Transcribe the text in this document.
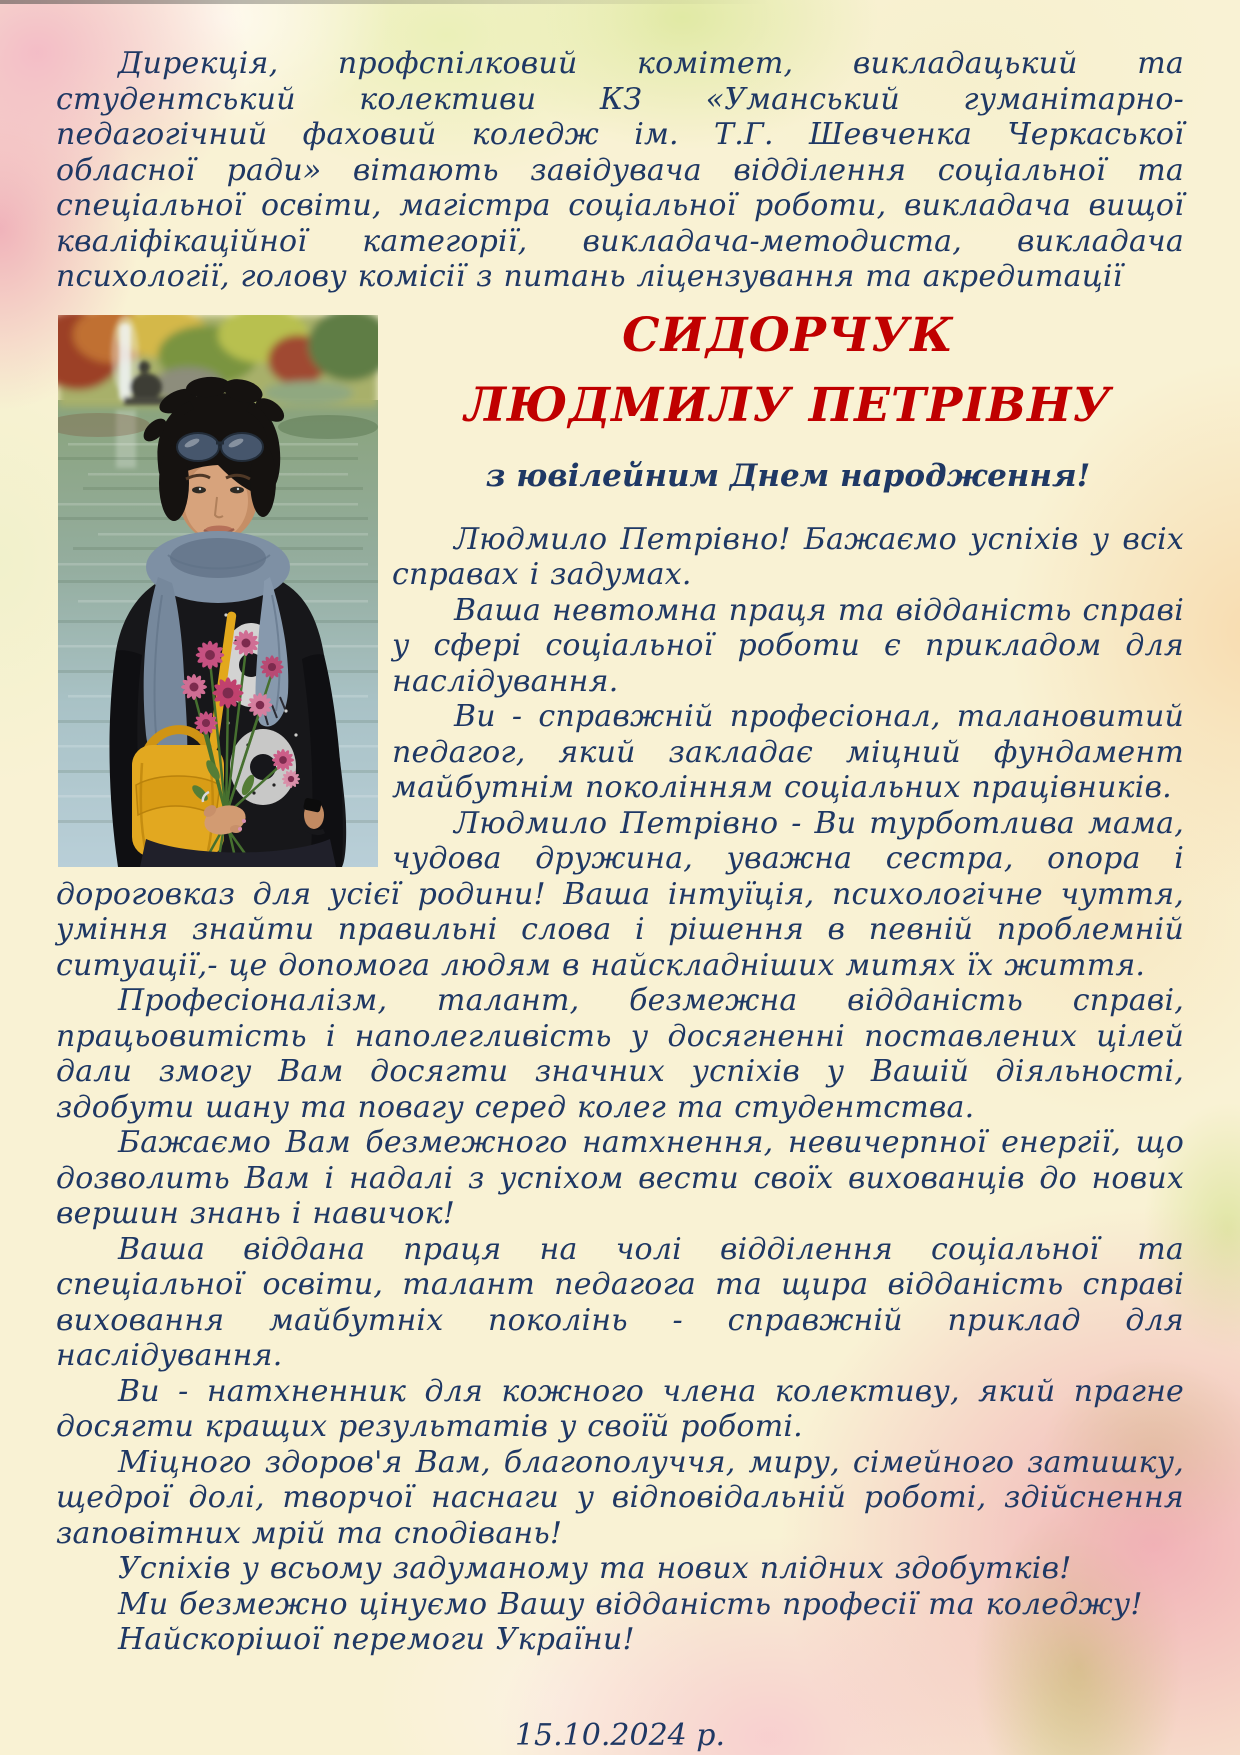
Дирекція, профспілковий комітет, викладацький та студентський колективи КЗ «Уманський гуманітарно-педагогічний фаховий коледж ім. Т.Г. Шевченка Черкаської обласної ради» вітають завідувача відділення соціальної та спеціальної освіти, магістра соціальної роботи, викладача вищої кваліфікаційної категорії, викладача-методиста, викладача психології, голову комісії з питань ліцензування та акредитації

СИДОРЧУК
ЛЮДМИЛУ ПЕТРІВНУ

з ювілейним Днем народження!

Людмило Петрівно! Бажаємо успіхів у всіх справах і задумах.

Ваша невтомна праця та відданість справі у сфері соціальної роботи є прикладом для наслідування.

Ви - справжній професіонал, талановитий педагог, який закладає міцний фундамент майбутнім поколінням соціальних працівників.

Людмило Петрівно - Ви турботлива мама, чудова дружина, уважна сестра, опора і дороговказ для усієї родини! Ваша інтуїція, психологічне чуття, уміння знайти правильні слова і рішення в певній проблемній ситуації,- це допомога людям в найскладніших митях їх життя.

Професіоналізм, талант, безмежна відданість справі, працьовитість і наполегливість у досягненні поставлених цілей дали змогу Вам досягти значних успіхів у Вашій діяльності, здобути шану та повагу серед колег та студентства.

Бажаємо Вам безмежного натхнення, невичерпної енергії, що дозволить Вам і надалі з успіхом вести своїх вихованців до нових вершин знань і навичок!

Ваша віддана праця на чолі відділення соціальної та спеціальної освіти, талант педагога та щира відданість справі виховання майбутніх поколінь - справжній приклад для наслідування.

Ви - натхненник для кожного члена колективу, який прагне досягти кращих результатів у своїй роботі.

Міцного здоров'я Вам, благополуччя, миру, сімейного затишку, щедрої долі, творчої наснаги у відповідальній роботі, здійснення заповітних мрій та сподівань!

Успіхів у всьому задуманому та нових плідних здобутків!

Ми безмежно цінуємо Вашу відданість професії та коледжу!

Найскорішої перемоги України!

15.10.2024 р.
